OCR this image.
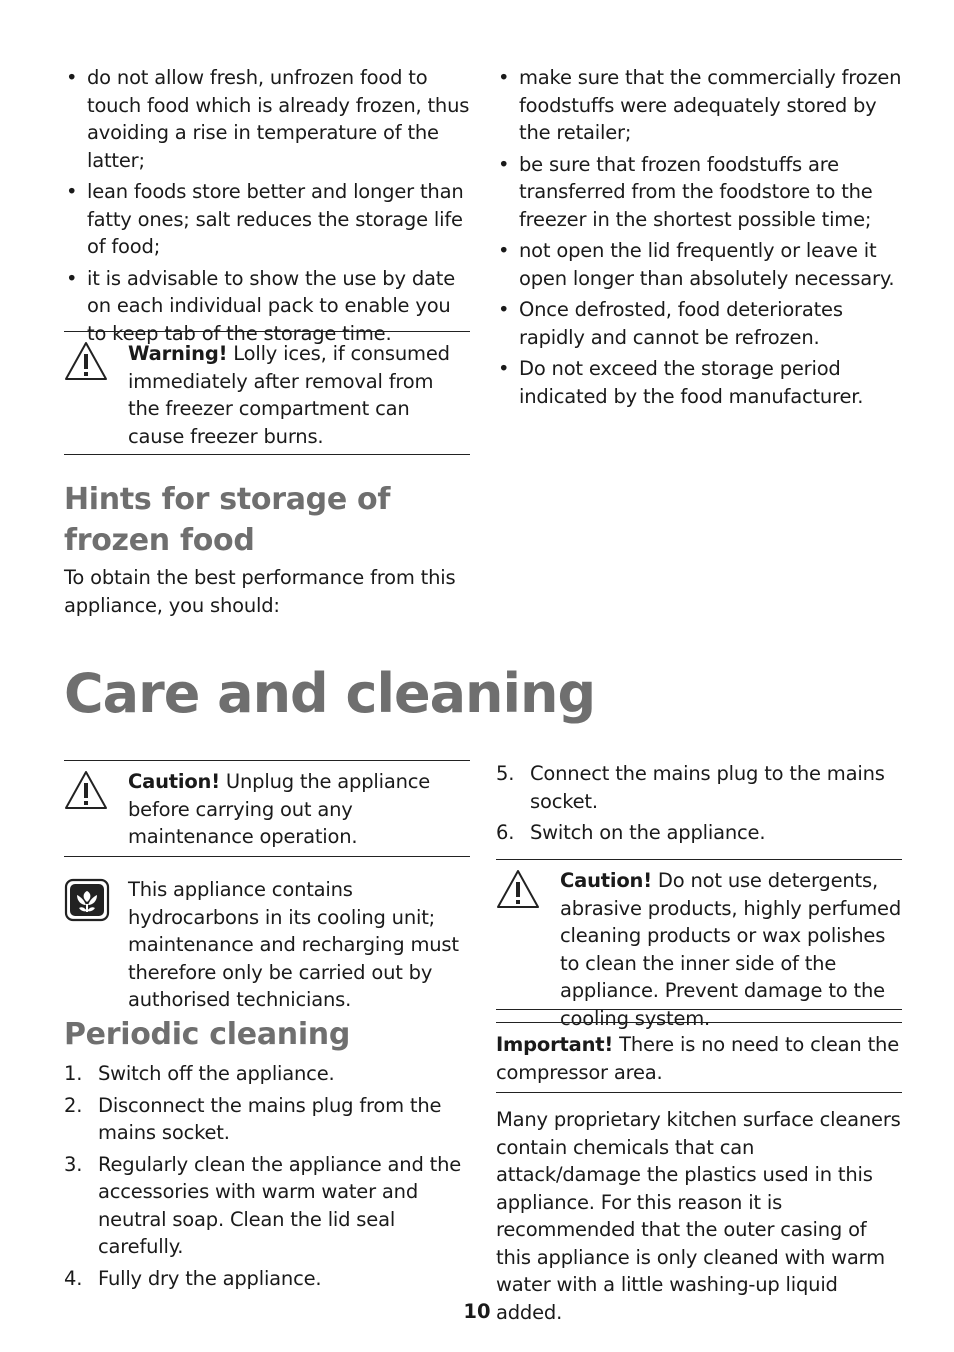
• do not allow fresh, unfrozen food to touch food which is already frozen, thus avoiding a rise in temperature of the latter;
• lean foods store better and longer than fatty ones; salt reduces the storage life of food;
• it is advisable to show the use by date on each individual pack to enable you to keep tab of the storage time.
Warning! Lolly ices, if consumed immediately after removal from the freezer compartment can cause freezer burns.
Hints for storage of frozen food

To obtain the best performance from this appliance, you should:

• make sure that the commercially frozen foodstuffs were adequately stored by the retailer;
• be sure that frozen foodstuffs are transferred from the foodstore to the freezer in the shortest possible time;
• not open the lid frequently or leave it open longer than absolutely necessary.
• Once defrosted, food deteriorates rapidly and cannot be refrozen.
• Do not exceed the storage period indicated by the food manufacturer.
Care and cleaning
Caution! Unplug the appliance before carrying out any maintenance operation.

This appliance contains hydrocarbons in its cooling unit; maintenance and recharging must therefore only be carried out by authorised technicians.

Periodic cleaning
1. Switch off the appliance.
2. Disconnect the mains plug from the mains socket.
3. Regularly clean the appliance and the accessories with warm water and neutral soap. Clean the lid seal carefully.
4. Fully dry the appliance.
5. Connect the mains plug to the mains socket.
6. Switch on the appliance.
Caution! Do not use detergents, abrasive products, highly perfumed cleaning products or wax polishes to clean the inner side of the appliance. Prevent damage to the cooling system.
Important! There is no need to clean the compressor area.

Many proprietary kitchen surface cleaners contain chemicals that can attack/damage the plastics used in this appliance. For this reason it is recommended that the outer casing of this appliance is only cleaned with warm water with a little washing-up liquid added.

10
